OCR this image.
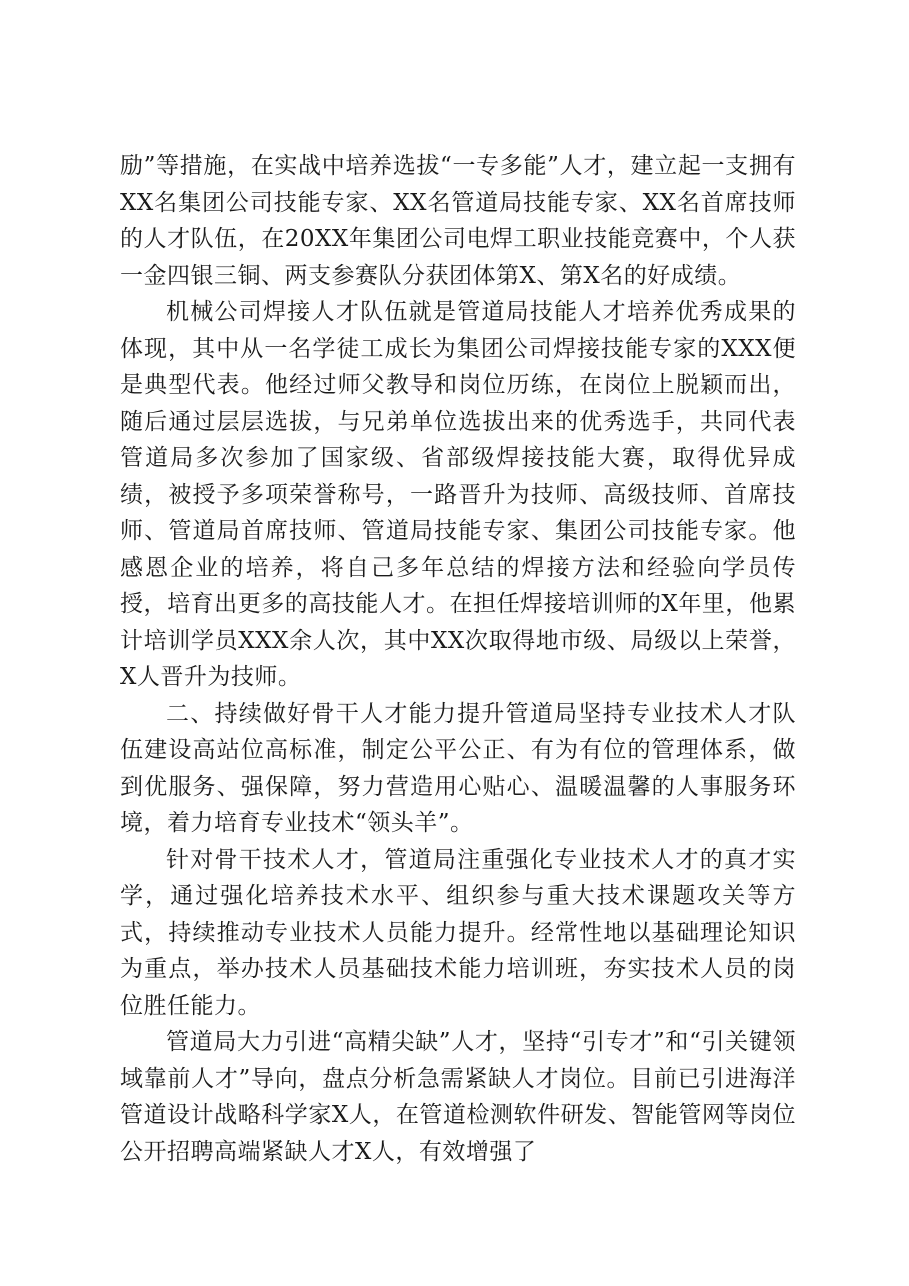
励”等措施，在实战中培养选拔“一专多能”人才，建立起一支拥有XX名集团公司技能专家、XX名管道局技能专家、XX名首席技师的人才队伍，在20XX年集团公司电焊工职业技能竞赛中，个人获一金四银三铜、两支参赛队分获团体第X、第X名的好成绩。

机械公司焊接人才队伍就是管道局技能人才培养优秀成果的体现，其中从一名学徒工成长为集团公司焊接技能专家的XXX便是典型代表。他经过师父教导和岗位历练，在岗位上脱颖而出，随后通过层层选拔，与兄弟单位选拔出来的优秀选手，共同代表管道局多次参加了国家级、省部级焊接技能大赛，取得优异成绩，被授予多项荣誉称号，一路晋升为技师、高级技师、首席技师、管道局首席技师、管道局技能专家、集团公司技能专家。他感恩企业的培养，将自己多年总结的焊接方法和经验向学员传授，培育出更多的高技能人才。在担任焊接培训师的X年里，他累计培训学员XXX余人次，其中XX次取得地市级、局级以上荣誉，X人晋升为技师。

二、持续做好骨干人才能力提升管道局坚持专业技术人才队伍建设高站位高标准，制定公平公正、有为有位的管理体系，做到优服务、强保障，努力营造用心贴心、温暖温馨的人事服务环境，着力培育专业技术“领头羊”。

针对骨干技术人才，管道局注重强化专业技术人才的真才实学，通过强化培养技术水平、组织参与重大技术课题攻关等方式，持续推动专业技术人员能力提升。经常性地以基础理论知识为重点，举办技术人员基础技术能力培训班，夯实技术人员的岗位胜任能力。

管道局大力引进“高精尖缺”人才，坚持“引专才”和“引关键领域靠前人才”导向，盘点分析急需紧缺人才岗位。目前已引进海洋管道设计战略科学家X人，在管道检测软件研发、智能管网等岗位公开招聘高端紧缺人才X人，有效增强了
